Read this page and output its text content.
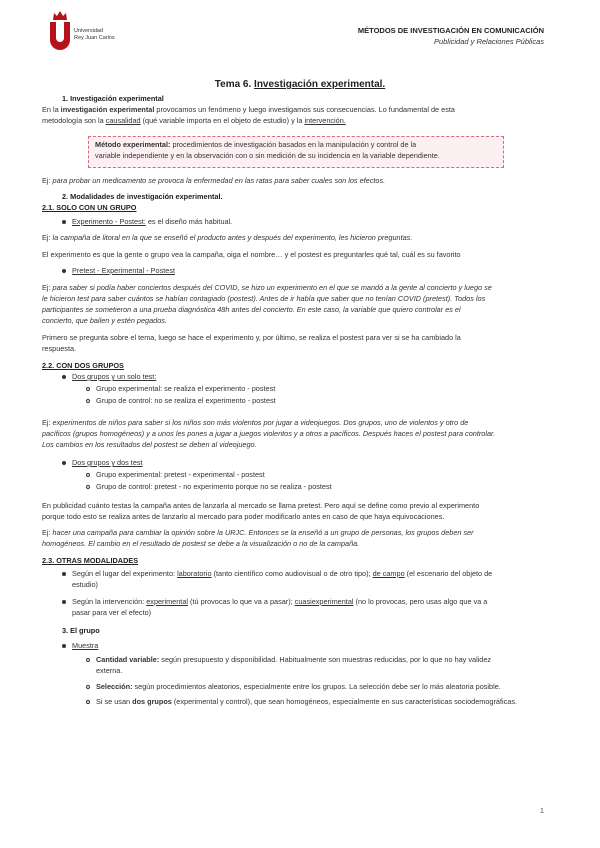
Universidad
Rey Juan Carlos
MÉTODOS DE INVESTIGACIÓN EN COMUNICACIÓN
Publicidad y Relaciones Públicas
Tema 6. Investigación experimental.
1. Investigación experimental
En la investigación experimental provocamos un fenómeno y luego investigamos sus consecuencias. Lo fundamental de esta
metodología son la causalidad (qué variable importa en el objeto de estudio) y la intervención.
Método experimental: procedimientos de investigación basados en la manipulación y control de la
variable independiente y en la observación con o sin medición de su incidencia en la variable dependiente.
Ej: para probar un medicamento se provoca la enfermedad en las ratas para saber cuales son los efectos.
2. Modalidades de investigación experimental.
2.1. SOLO CON UN GRUPO
Experimento - Postest: es el diseño más habitual.
Ej: la campaña de litoral en la que se enseñó el producto antes y después del experimento, les hicieron preguntas.
El experimento es que la gente o grupo vea la campaña, oiga el nombre… y el postest es preguntarles qué tal, cuál es su favorito
Pretest - Experimental - Postest
Ej: para saber si podía haber conciertos después del COVID, se hizo un experimento en el que se mandó a la gente al concierto y luego se
le hicieron test para saber cuántos se habían contagiado (postest). Antes de ir había que saber que no tenían COVID (pretest). Todos los
participantes se sometieron a una prueba diagnóstica 48h antes del concierto. En este caso, la variable que quiero controlar es el
concierto, que bailen y estén pegados.
Primero se pregunta sobre el tema, luego se hace el experimento y, por último, se realiza el postest para ver si se ha cambiado la
respuesta.
2.2. CON DOS GRUPOS
Dos grupos y un solo test:
Grupo experimental: se realiza el experimento - postest
Grupo de control: no se realiza el experimento - postest
Ej: experimentos de niños para saber si los niños son más violentos por jugar a videojuegos. Dos grupos, uno de violentos y otro de
pacíficos (grupos homogéneos) y a unos les pones a jugar a juegos violentos y a otros a pacíficos. Después haces el postest para controlar.
Los cambios en los resultados del postest se deben al videojuego.
Dos grupos y dos test
Grupo experimental: pretest - experimental - postest
Grupo de control: pretest - no experimento porque no se realiza - postest
En publicidad cuánto testas la campaña antes de lanzarla al mercado se llama pretest. Pero aquí se define como previo al experimento
porque todo esto se realiza antes de lanzarlo al mercado para poder modificarlo antes en caso de que haya equivocaciones.
Ej: hacer una campaña para cambiar la opinión sobre la URJC. Entonces se la enseñó a un grupo de personas, los grupos deben ser
homogéneos. El cambio en el resultado de postest se debe a la visualización o no de la campaña.
2.3. OTRAS MODALIDADES
Según el lugar del experimento: laboratorio (tanto científico como audiovisual o de otro tipo); de campo (el escenario del objeto de
estudio)
Según la intervención: experimental (tú provocas lo que va a pasar); cuasiexperimental (no lo provocas, pero usas algo que va a
pasar para ver el efecto)
3. El grupo
Muestra
Cantidad variable: según presupuesto y disponibilidad. Habitualmente son muestras reducidas, por lo que no hay validez
externa.
Selección: según procedimientos aleatorios, especialmente entre los grupos. La selección debe ser lo más aleatoria posible.
Si se usan dos grupos (experimental y control), que sean homogéneos, especialmente en sus características sociodemográficas.
1
